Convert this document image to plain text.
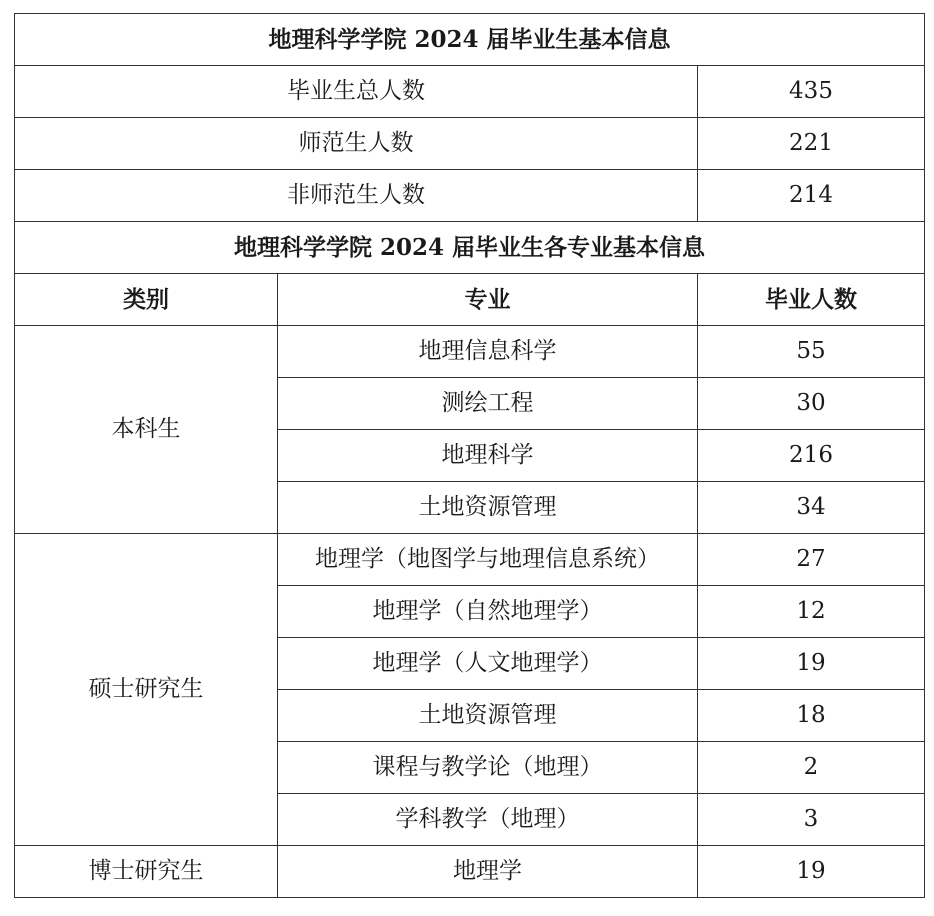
地理科学学院 2024 届毕业生基本信息		
毕业生总人数		435
师范生人数		221
非师范生人数		214
地理科学学院 2024 届毕业生各专业基本信息		
类别	专业	毕业人数
本科生	地理信息科学	55
	测绘工程	30
	地理科学	216
	土地资源管理	34
硕士研究生	地理学（地图学与地理信息系统）	27
	地理学（自然地理学）	12
	地理学（人文地理学）	19
	土地资源管理	18
	课程与教学论（地理）	2
	学科教学（地理）	3
博士研究生	地理学	19
